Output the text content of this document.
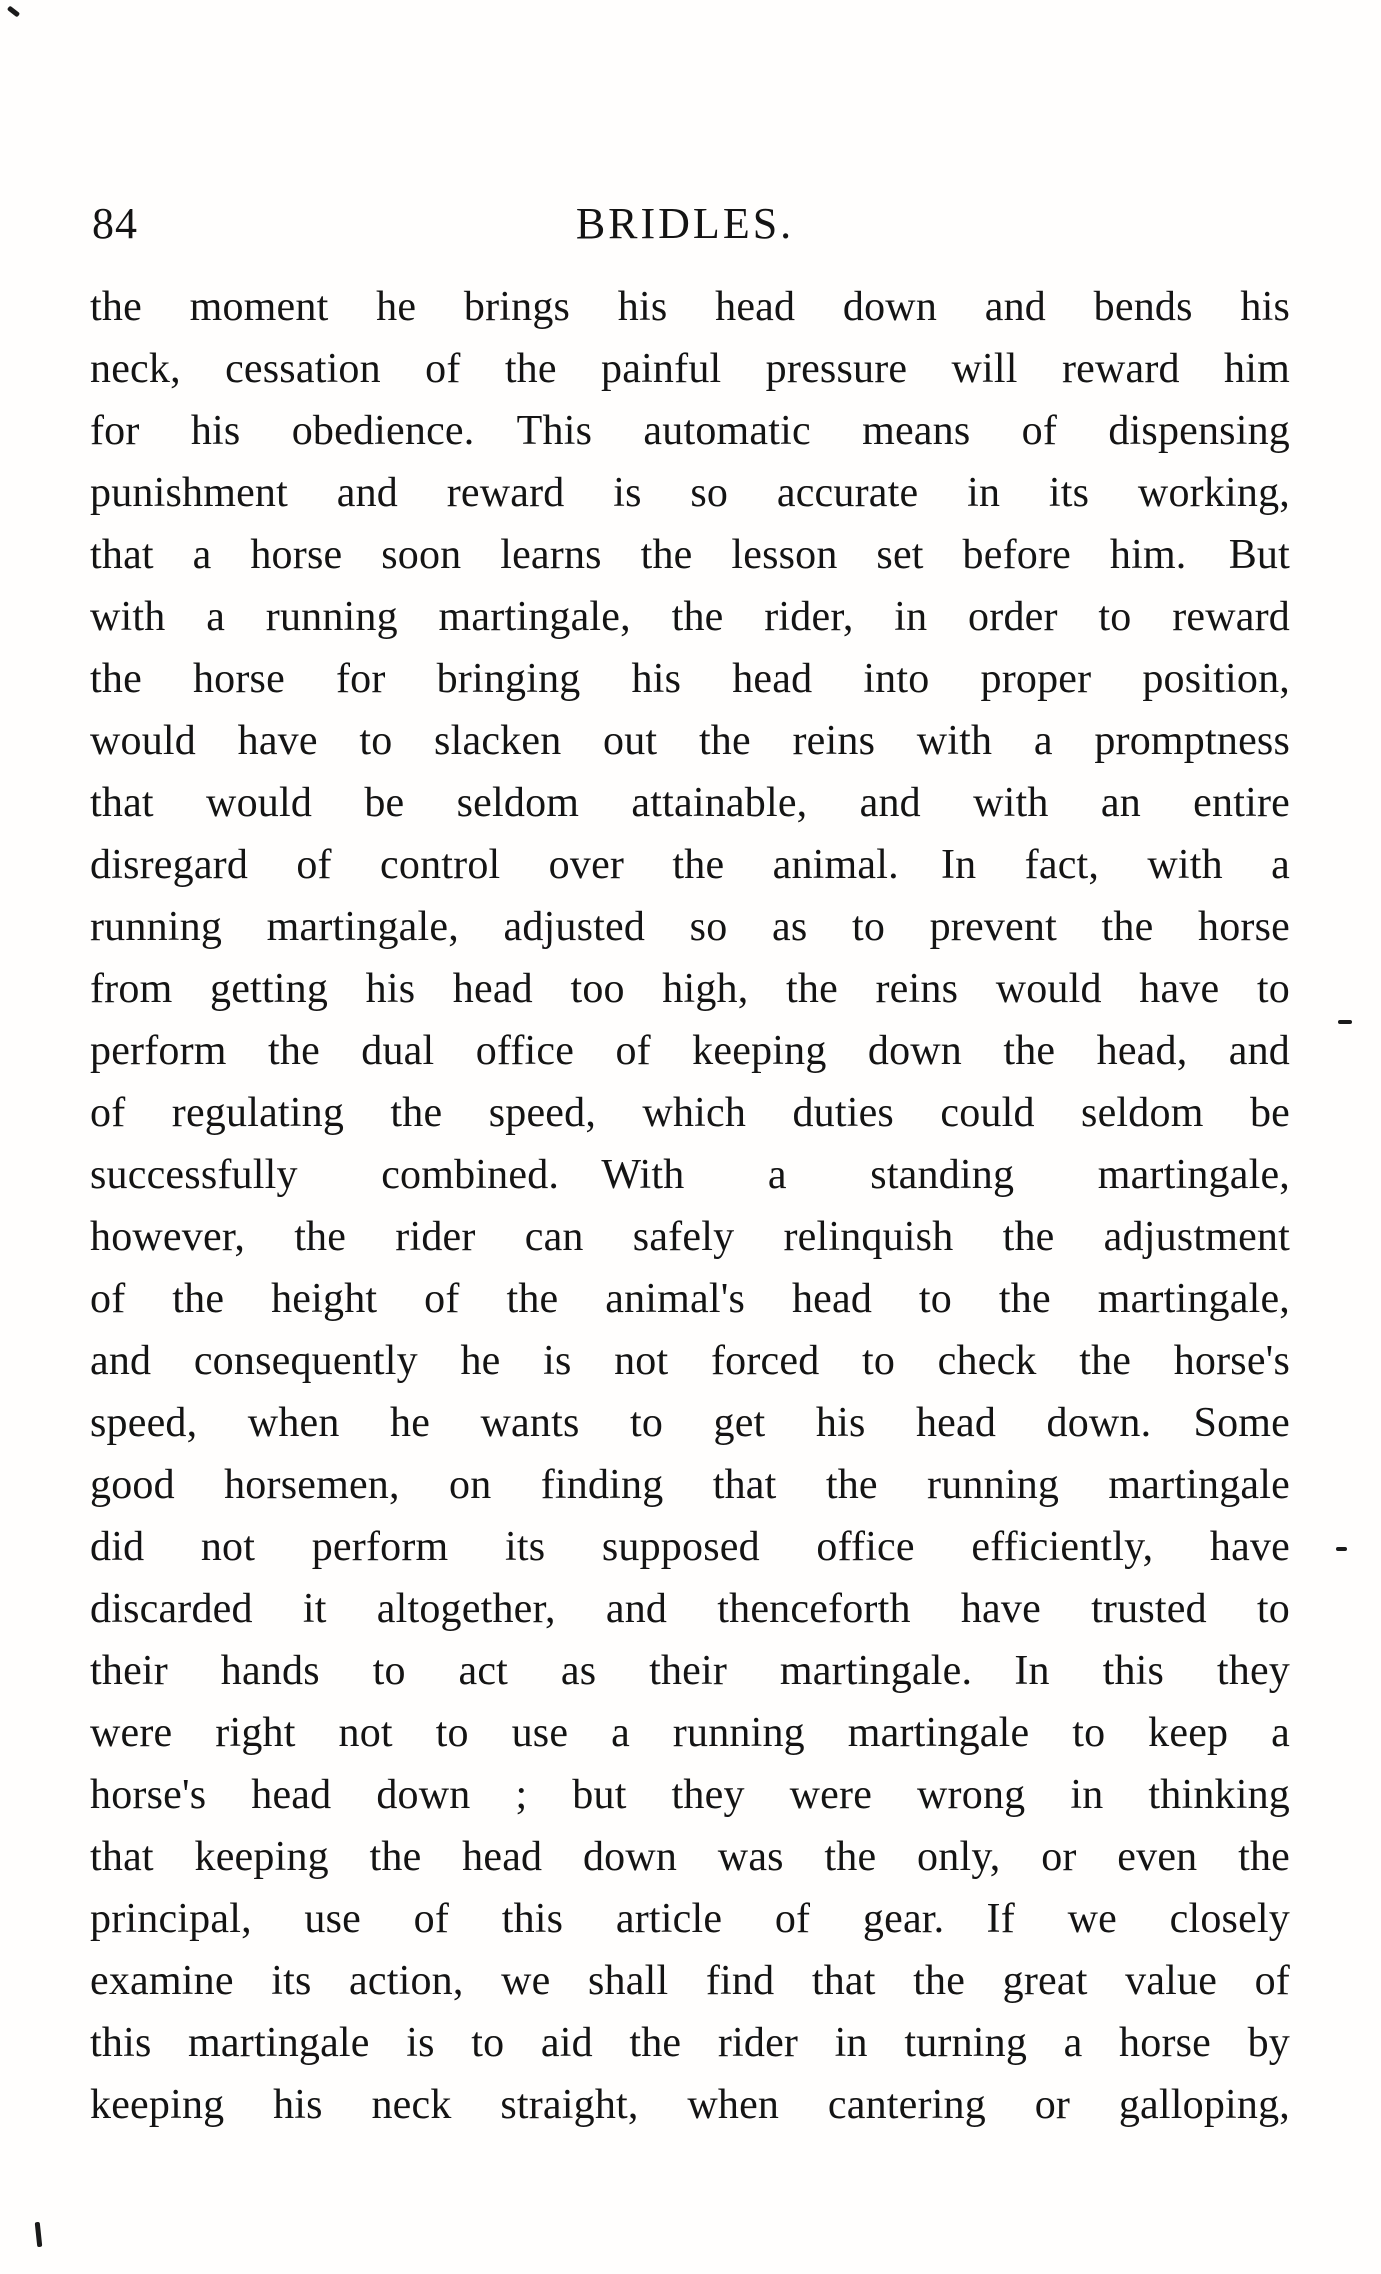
84	BRIDLES.
the moment he brings his head down and bends his
neck, cessation of the painful pressure will reward him
for his obedience. This automatic means of dispensing
punishment and reward is so accurate in its working,
that a horse soon learns the lesson set before him. But
with a running martingale, the rider, in order to reward
the horse for bringing his head into proper position,
would have to slacken out the reins with a promptness
that would be seldom attainable, and with an entire
disregard of control over the animal. In fact, with a
running martingale, adjusted so as to prevent the horse
from getting his head too high, the reins would have to
perform the dual office of keeping down the head, and
of regulating the speed, which duties could seldom be
successfully combined. With a standing martingale,
however, the rider can safely relinquish the adjustment
of the height of the animal's head to the martingale,
and consequently he is not forced to check the horse's
speed, when he wants to get his head down. Some
good horsemen, on finding that the running martingale
did not perform its supposed office efficiently, have
discarded it altogether, and thenceforth have trusted to
their hands to act as their martingale. In this they
were right not to use a running martingale to keep a
horse's head down ; but they were wrong in thinking
that keeping the head down was the only, or even the
principal, use of this article of gear. If we closely
examine its action, we shall find that the great value of
this martingale is to aid the rider in turning a horse by
keeping his neck straight, when cantering or galloping,
